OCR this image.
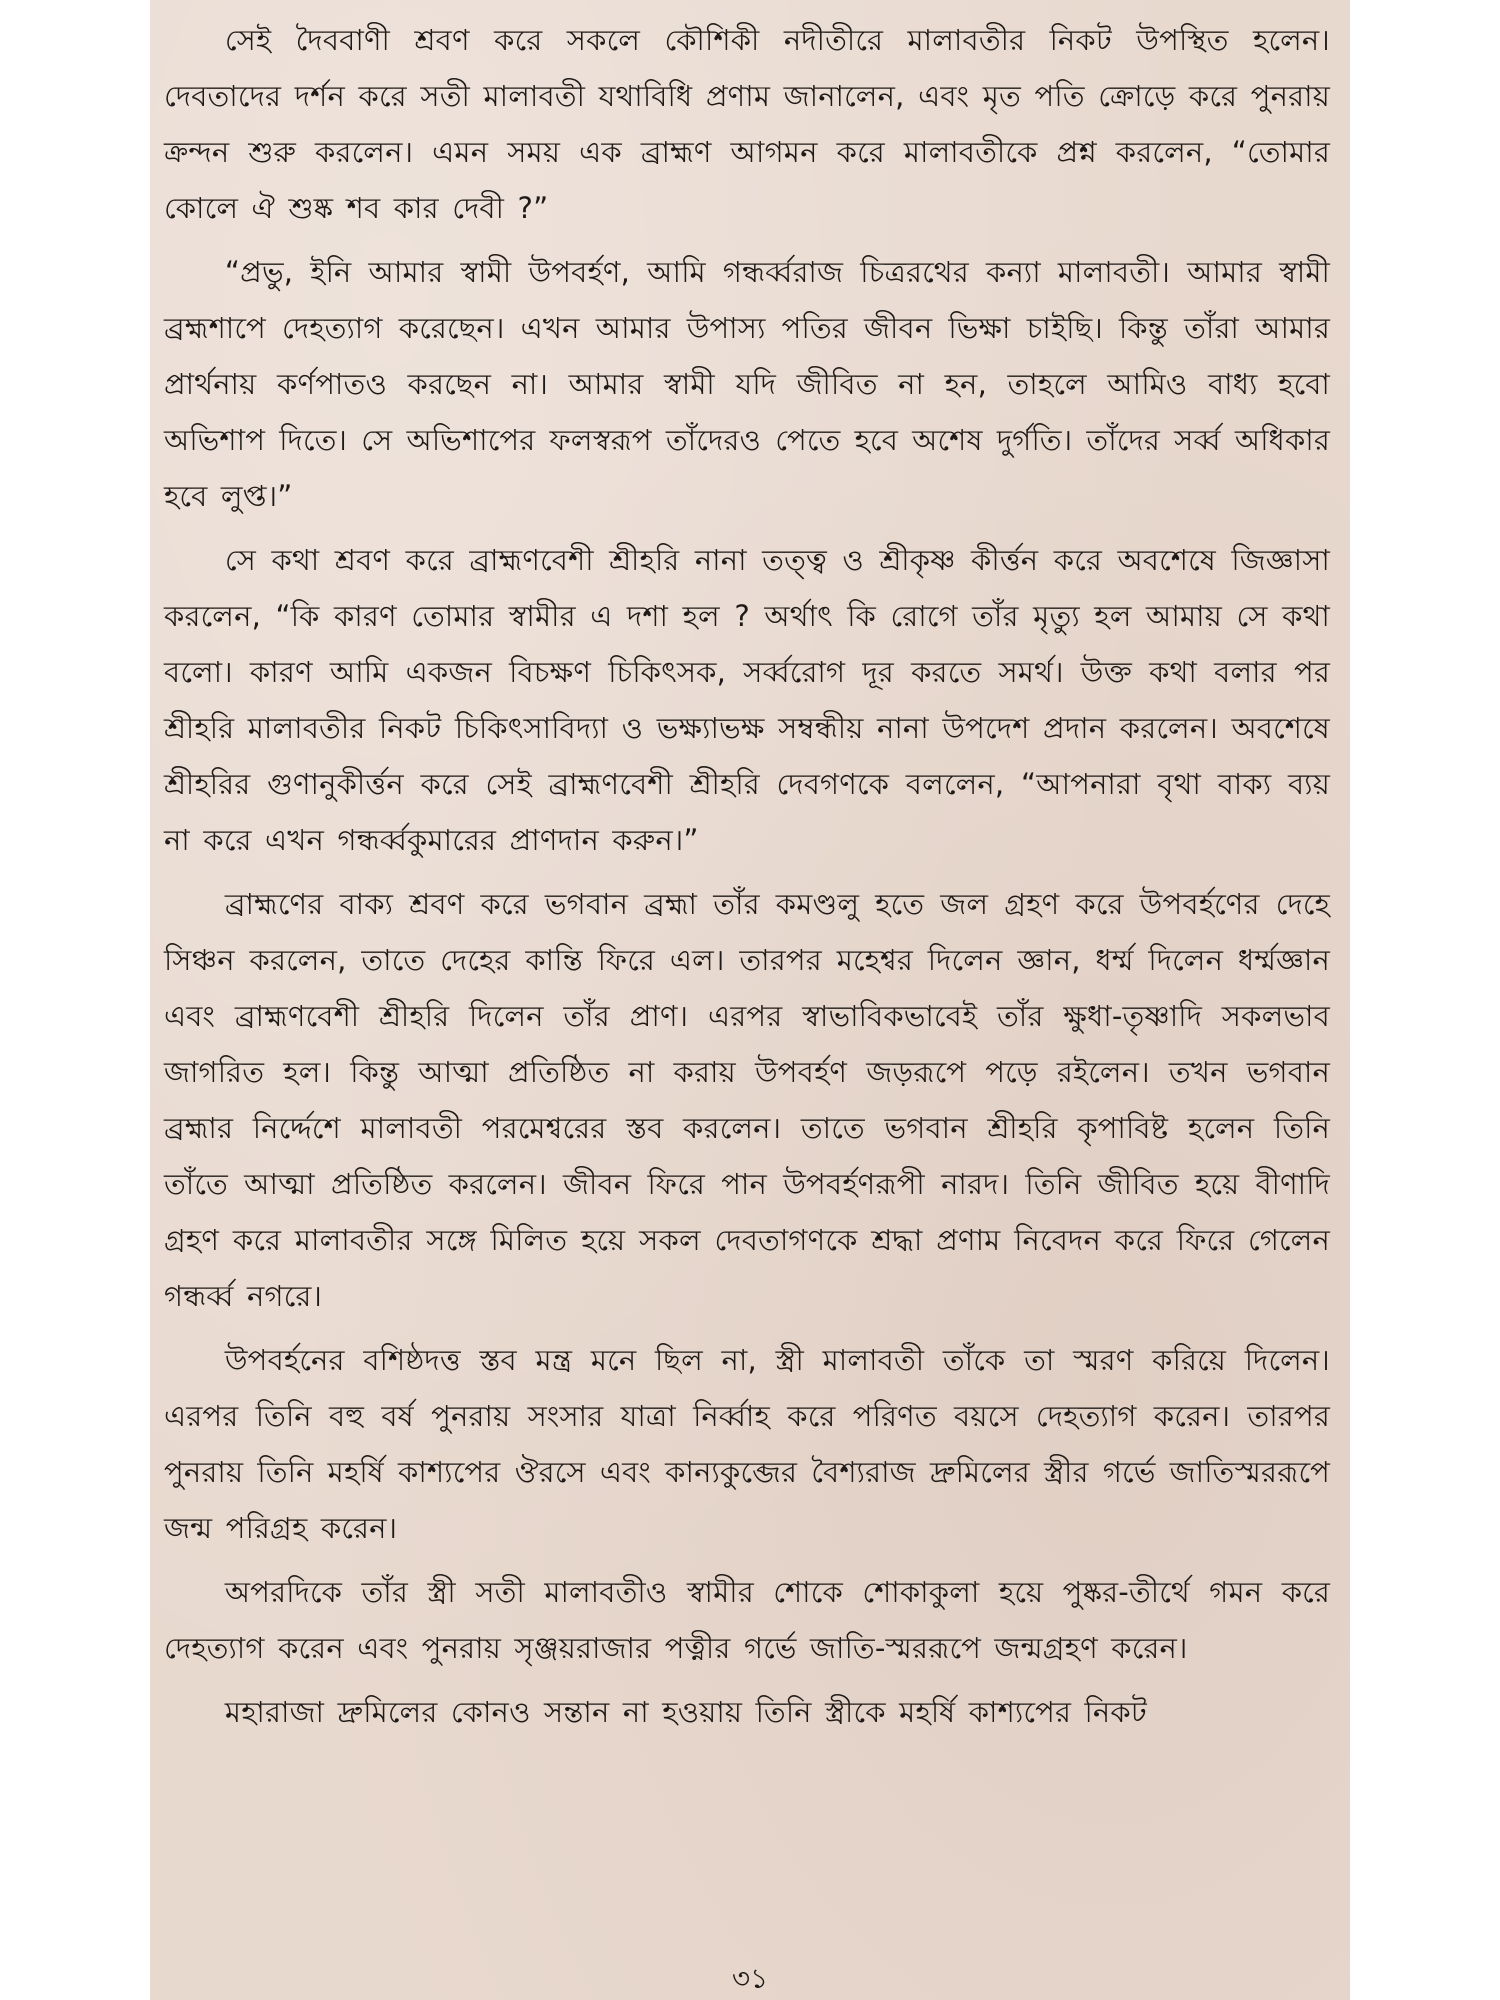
সেই দৈববাণী শ্রবণ করে সকলে কৌশিকী নদীতীরে মালাবতীর নিকট উপস্থিত হলেন। দেবতাদের দর্শন করে সতী মালাবতী যথাবিধি প্রণাম জানালেন, এবং মৃত পতি ক্রোড়ে করে পুনরায় ক্রন্দন শুরু করলেন। এমন সময় এক ব্রাহ্মণ আগমন করে মালাবতীকে প্রশ্ন করলেন, “তোমার কোলে ঐ শুষ্ক শব কার দেবী ?”

“প্রভু, ইনি আমার স্বামী উপবর্হণ, আমি গন্ধর্ব্বরাজ চিত্ররথের কন্যা মালাবতী। আমার স্বামী ব্রহ্মশাপে দেহত্যাগ করেছেন। এখন আমার উপাস্য পতির জীবন ভিক্ষা চাইছি। কিন্তু তাঁরা আমার প্রার্থনায় কর্ণপাতও করছেন না। আমার স্বামী যদি জীবিত না হন, তাহলে আমিও বাধ্য হবো অভিশাপ দিতে। সে অভিশাপের ফলস্বরূপ তাঁদেরও পেতে হবে অশেষ দুর্গতি। তাঁদের সর্ব্ব অধিকার হবে লুপ্ত।”

সে কথা শ্রবণ করে ব্রাহ্মণবেশী শ্রীহরি নানা তত্ত্ব ও শ্রীকৃষ্ণ কীর্ত্তন করে অবশেষে জিজ্ঞাসা করলেন, “কি কারণ তোমার স্বামীর এ দশা হল ? অর্থাৎ কি রোগে তাঁর মৃত্যু হল আমায় সে কথা বলো। কারণ আমি একজন বিচক্ষণ চিকিৎসক, সর্ব্বরোগ দূর করতে সমর্থ। উক্ত কথা বলার পর শ্রীহরি মালাবতীর নিকট চিকিৎসাবিদ্যা ও ভক্ষ্যাভক্ষ সম্বন্ধীয় নানা উপদেশ প্রদান করলেন। অবশেষে শ্রীহরির গুণানুকীর্ত্তন করে সেই ব্রাহ্মণবেশী শ্রীহরি দেবগণকে বললেন, “আপনারা বৃথা বাক্য ব্যয় না করে এখন গন্ধর্ব্বকুমারের প্রাণদান করুন।”

ব্রাহ্মণের বাক্য শ্রবণ করে ভগবান ব্রহ্মা তাঁর কমণ্ডলু হতে জল গ্রহণ করে উপবর্হণের দেহে সিঞ্চন করলেন, তাতে দেহের কান্তি ফিরে এল। তারপর মহেশ্বর দিলেন জ্ঞান, ধর্ম্ম দিলেন ধর্ম্মজ্ঞান এবং ব্রাহ্মণবেশী শ্রীহরি দিলেন তাঁর প্রাণ। এরপর স্বাভাবিকভাবেই তাঁর ক্ষুধা-তৃষ্ণাদি সকলভাব জাগরিত হল। কিন্তু আত্মা প্রতিষ্ঠিত না করায় উপবর্হণ জড়রূপে পড়ে রইলেন। তখন ভগবান ব্রহ্মার নির্দ্দেশে মালাবতী পরমেশ্বরের স্তব করলেন। তাতে ভগবান শ্রীহরি কৃপাবিষ্ট হলেন তিনি তাঁতে আত্মা প্রতিষ্ঠিত করলেন। জীবন ফিরে পান উপবর্হণরূপী নারদ। তিনি জীবিত হয়ে বীণাদি গ্রহণ করে মালাবতীর সঙ্গে মিলিত হয়ে সকল দেবতাগণকে শ্রদ্ধা প্রণাম নিবেদন করে ফিরে গেলেন গন্ধর্ব্ব নগরে।

উপবর্হনের বশিষ্ঠদত্ত স্তব মন্ত্র মনে ছিল না, স্ত্রী মালাবতী তাঁকে তা স্মরণ করিয়ে দিলেন। এরপর তিনি বহু বর্ষ পুনরায় সংসার যাত্রা নির্ব্বাহ করে পরিণত বয়সে দেহত্যাগ করেন। তারপর পুনরায় তিনি মহর্ষি কাশ্যপের ঔরসে এবং কান্যকুব্জের বৈশ্যরাজ দ্রুমিলের স্ত্রীর গর্ভে জাতিস্মররূপে জন্ম পরিগ্রহ করেন।

অপরদিকে তাঁর স্ত্রী সতী মালাবতীও স্বামীর শোকে শোকাকুলা হয়ে পুষ্কর-তীর্থে গমন করে দেহত্যাগ করেন এবং পুনরায় সৃঞ্জয়রাজার পত্নীর গর্ভে জাতি-স্মররূপে জন্মগ্রহণ করেন।

মহারাজা দ্রুমিলের কোনও সন্তান না হওয়ায় তিনি স্ত্রীকে মহর্ষি কাশ্যপের নিকট

৩১
